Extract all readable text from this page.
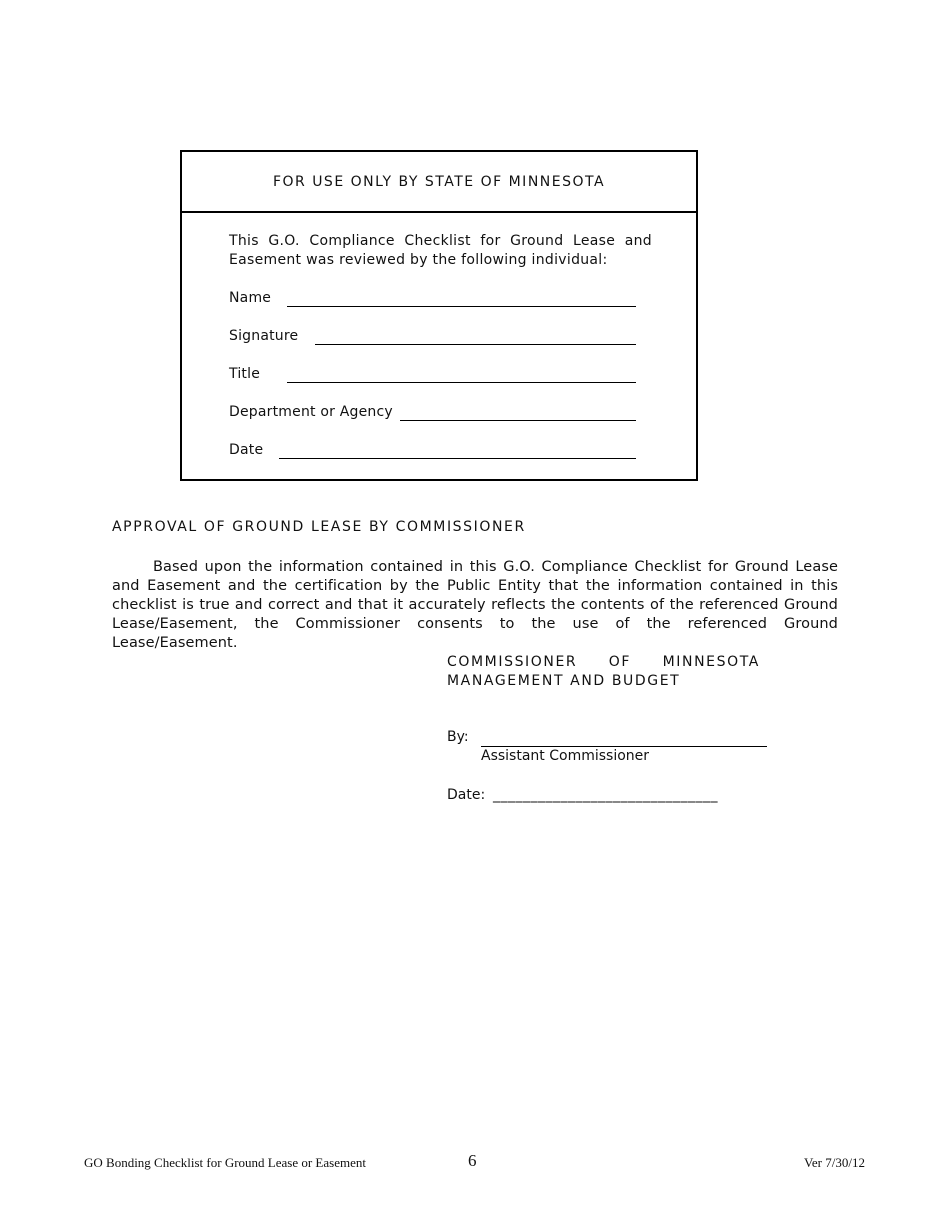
FOR USE ONLY BY STATE OF MINNESOTA
This G.O. Compliance Checklist for Ground Lease and Easement was reviewed by the following individual:
Name
Signature
Title
Department or Agency
Date
APPROVAL OF GROUND LEASE BY COMMISSIONER
Based upon the information contained in this G.O. Compliance Checklist for Ground Lease and Easement and the certification by the Public Entity that the information contained in this checklist is true and correct and that it accurately reflects the contents of the referenced Ground Lease/Easement, the Commissioner consents to the use of the referenced Ground Lease/Easement.
COMMISSIONER OF MINNESOTA
MANAGEMENT AND BUDGET
By:
Assistant Commissioner
Date: ______________________________
GO Bonding Checklist for Ground Lease or Easement	6	Ver 7/30/12
